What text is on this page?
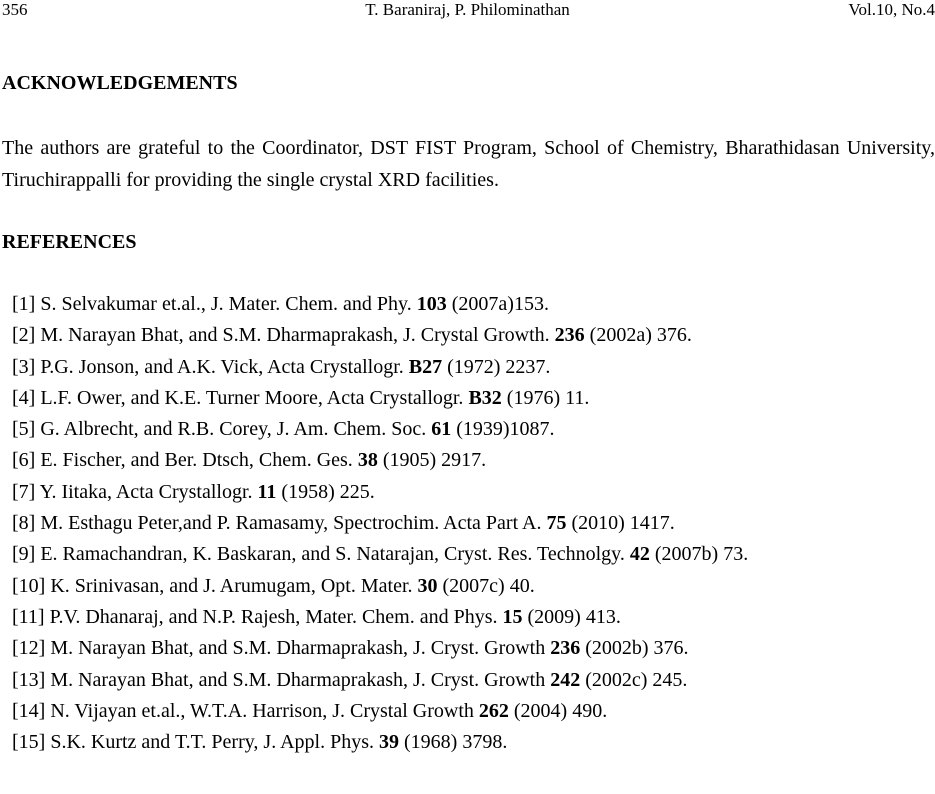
356	T. Baraniraj, P. Philominathan	Vol.10, No.4
ACKNOWLEDGEMENTS

The authors are grateful to the Coordinator, DST FIST Program, School of Chemistry, Bharathidasan University, Tiruchirappalli for providing the single crystal XRD facilities.

REFERENCES
[1] S. Selvakumar et.al., J. Mater. Chem. and Phy. 103 (2007a)153.
[2] M. Narayan Bhat, and S.M. Dharmaprakash, J. Crystal Growth. 236 (2002a) 376.
[3] P.G. Jonson, and A.K. Vick, Acta Crystallogr. B27 (1972) 2237.
[4] L.F. Ower, and K.E. Turner Moore, Acta Crystallogr. B32 (1976) 11.
[5] G. Albrecht, and R.B. Corey, J. Am. Chem. Soc. 61 (1939)1087.
[6] E. Fischer, and Ber. Dtsch, Chem. Ges. 38 (1905) 2917.
[7] Y. Iitaka, Acta Crystallogr. 11 (1958) 225.
[8] M. Esthagu Peter,and P. Ramasamy, Spectrochim. Acta Part A. 75 (2010) 1417.
[9] E. Ramachandran, K. Baskaran, and S. Natarajan, Cryst. Res. Technolgy. 42 (2007b) 73.
[10] K. Srinivasan, and J. Arumugam, Opt. Mater. 30 (2007c) 40.
[11] P.V. Dhanaraj, and N.P. Rajesh, Mater. Chem. and Phys. 15 (2009) 413.
[12] M. Narayan Bhat, and S.M. Dharmaprakash, J. Cryst. Growth 236 (2002b) 376.
[13] M. Narayan Bhat, and S.M. Dharmaprakash, J. Cryst. Growth 242 (2002c) 245.
[14] N. Vijayan et.al., W.T.A. Harrison, J. Crystal Growth 262 (2004) 490.
[15] S.K. Kurtz and T.T. Perry, J. Appl. Phys. 39 (1968) 3798.
